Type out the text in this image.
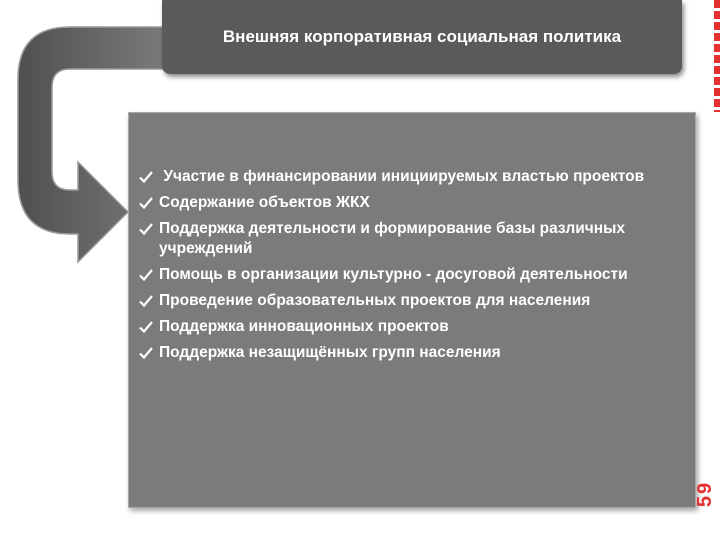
Внешняя корпоративная социальная политика
Участие в финансировании инициируемых властью проектов
Содержание объектов ЖКХ
Поддержка деятельности и формирование базы различных учреждений
Помощь в организации культурно - досуговой деятельности
Проведение образовательных проектов для населения
Поддержка инновационных проектов
Поддержка незащищённых групп населения
59
